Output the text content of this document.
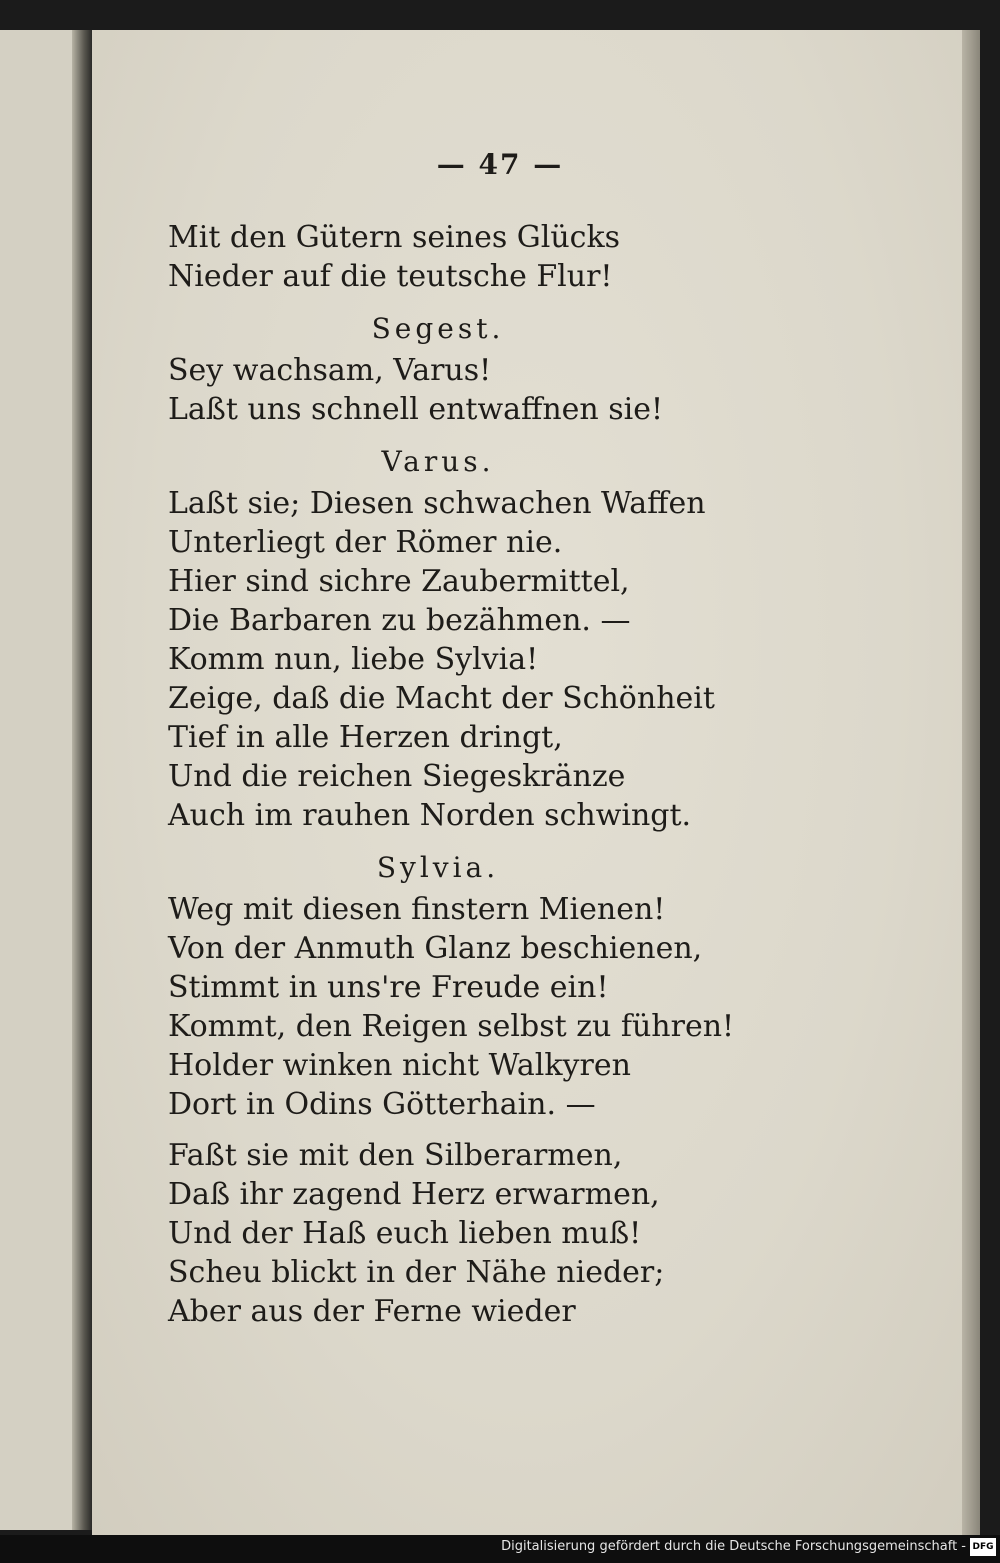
— 47 —
Mit den Gütern seines Glücks
Nieder auf die teutsche Flur!
Segest.
Sey wachsam, Varus!
Laßt uns schnell entwaffnen sie!
Varus.
Laßt sie; Diesen schwachen Waffen
Unterliegt der Römer nie.
Hier sind sichre Zaubermittel,
Die Barbaren zu bezähmen. —
Komm nun, liebe Sylvia!
Zeige, daß die Macht der Schönheit
Tief in alle Herzen dringt,
Und die reichen Siegeskränze
Auch im rauhen Norden schwingt.
Sylvia.
Weg mit diesen finstern Mienen!
Von der Anmuth Glanz beschienen,
Stimmt in uns're Freude ein!
Kommt, den Reigen selbst zu führen!
Holder winken nicht Walkyren
Dort in Odins Götterhain. —
Faßt sie mit den Silberarmen,
Daß ihr zagend Herz erwarmen,
Und der Haß euch lieben muß!
Scheu blickt in der Nähe nieder;
Aber aus der Ferne wieder
Digitalisierung gefördert durch die Deutsche Forschungsgemeinschaft - DFG
